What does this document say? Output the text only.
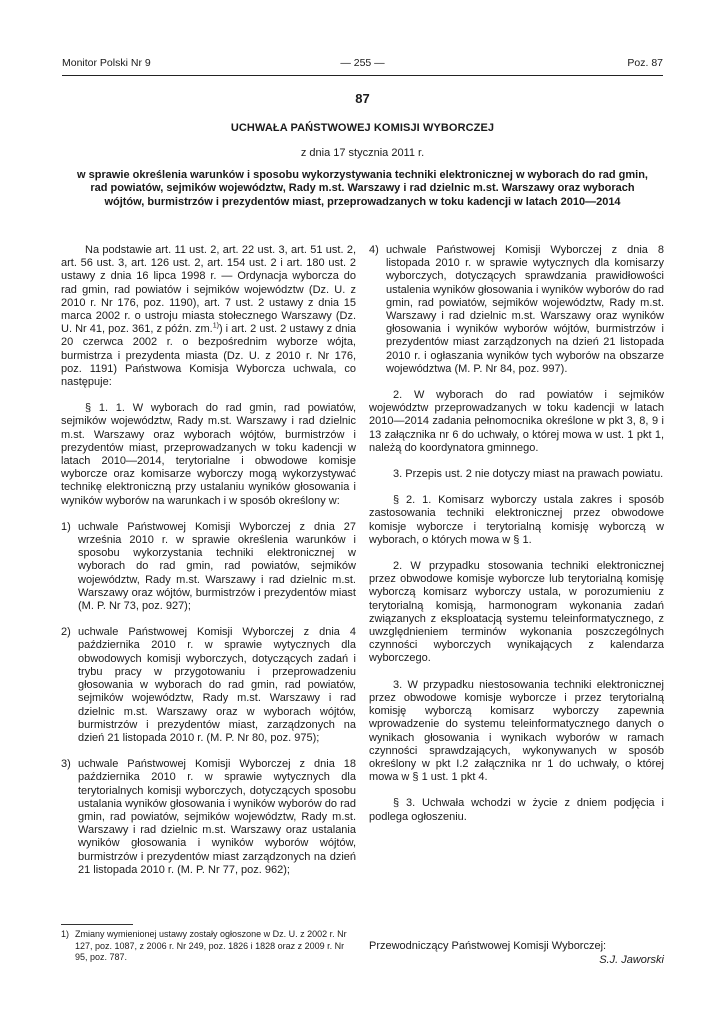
Monitor Polski Nr 9	— 255 —	Poz. 87
87
UCHWAŁA PAŃSTWOWEJ KOMISJI WYBORCZEJ
z dnia 17 stycznia 2011 r.
w sprawie określenia warunków i sposobu wykorzystywania techniki elektronicznej w wyborach do rad gmin, rad powiatów, sejmików województw, Rady m.st. Warszawy i rad dzielnic m.st. Warszawy oraz wyborach wójtów, burmistrzów i prezydentów miast, przeprowadzanych w toku kadencji w latach 2010—2014

Na podstawie art. 11 ust. 2, art. 22 ust. 3, art. 51 ust. 2, art. 56 ust. 3, art. 126 ust. 2, art. 154 ust. 2 i art. 180 ust. 2 ustawy z dnia 16 lipca 1998 r. — Ordynacja wyborcza do rad gmin, rad powiatów i sejmików województw (Dz. U. z 2010 r. Nr 176, poz. 1190), art. 7 ust. 2 ustawy z dnia 15 marca 2002 r. o ustroju miasta stołecznego Warszawy (Dz. U. Nr 41, poz. 361, z późn. zm.$^{1)}$) i art. 2 ust. 2 ustawy z dnia 20 czerwca 2002 r. o bezpośrednim wyborze wójta, burmistrza i prezydenta miasta (Dz. U. z 2010 r. Nr 176, poz. 1191) Państwowa Komisja Wyborcza uchwala, co następuje:

§ 1. 1. W wyborach do rad gmin, rad powiatów, sejmików województw, Rady m.st. Warszawy i rad dzielnic m.st. Warszawy oraz wyborach wójtów, burmistrzów i prezydentów miast, przeprowadzanych w toku kadencji w latach 2010—2014, terytorialne i obwodowe komisje wyborcze oraz komisarze wyborczy mogą wykorzystywać technikę elektroniczną przy ustalaniu wyników głosowania i wyników wyborów na warunkach i w sposób określony w:

1) uchwale Państwowej Komisji Wyborczej z dnia 27 września 2010 r. w sprawie określenia warunków i sposobu wykorzystania techniki elektronicznej w wyborach do rad gmin, rad powiatów, sejmików województw, Rady m.st. Warszawy i rad dzielnic m.st. Warszawy oraz wójtów, burmistrzów i prezydentów miast (M. P. Nr 73, poz. 927);
2) uchwale Państwowej Komisji Wyborczej z dnia 4 października 2010 r. w sprawie wytycznych dla obwodowych komisji wyborczych, dotyczących zadań i trybu pracy w przygotowaniu i przeprowadzeniu głosowania w wyborach do rad gmin, rad powiatów, sejmików województw, Rady m.st. Warszawy i rad dzielnic m.st. Warszawy oraz w wyborach wójtów, burmistrzów i prezydentów miast, zarządzonych na dzień 21 listopada 2010 r. (M. P. Nr 80, poz. 975);
3) uchwale Państwowej Komisji Wyborczej z dnia 18 października 2010 r. w sprawie wytycznych dla terytorialnych komisji wyborczych, dotyczących sposobu ustalania wyników głosowania i wyników wyborów do rad gmin, rad powiatów, sejmików województw, Rady m.st. Warszawy i rad dzielnic m.st. Warszawy oraz ustalania wyników głosowania i wyników wyborów wójtów, burmistrzów i prezydentów miast zarządzonych na dzień 21 listopada 2010 r. (M. P. Nr 77, poz. 962);
4) uchwale Państwowej Komisji Wyborczej z dnia 8 listopada 2010 r. w sprawie wytycznych dla komisarzy wyborczych, dotyczących sprawdzania prawidłowości ustalenia wyników głosowania i wyników wyborów do rad gmin, rad powiatów, sejmików województw, Rady m.st. Warszawy i rad dzielnic m.st. Warszawy oraz wyników głosowania i wyników wyborów wójtów, burmistrzów i prezydentów miast zarządzonych na dzień 21 listopada 2010 r. i ogłaszania wyników tych wyborów na obszarze województwa (M. P. Nr 84, poz. 997).

2. W wyborach do rad powiatów i sejmików województw przeprowadzanych w toku kadencji w latach 2010—2014 zadania pełnomocnika określone w pkt 3, 8, 9 i 13 załącznika nr 6 do uchwały, o której mowa w ust. 1 pkt 1, należą do koordynatora gminnego.

3. Przepis ust. 2 nie dotyczy miast na prawach powiatu.

§ 2. 1. Komisarz wyborczy ustala zakres i sposób zastosowania techniki elektronicznej przez obwodowe komisje wyborcze i terytorialną komisję wyborczą w wyborach, o których mowa w § 1.

2. W przypadku stosowania techniki elektronicznej przez obwodowe komisje wyborcze lub terytorialną komisję wyborczą komisarz wyborczy ustala, w porozumieniu z terytorialną komisją, harmonogram wykonania zadań związanych z eksploatacją systemu teleinformatycznego, z uwzględnieniem terminów wykonania poszczególnych czynności wyborczych wynikających z kalendarza wyborczego.

3. W przypadku niestosowania techniki elektronicznej przez obwodowe komisje wyborcze i przez terytorialną komisję wyborczą komisarz wyborczy zapewnia wprowadzenie do systemu teleinformatycznego danych o wynikach głosowania i wynikach wyborów w ramach czynności sprawdzających, wykonywanych w sposób określony w pkt I.2 załącznika nr 1 do uchwały, o której mowa w § 1 ust. 1 pkt 4.

§ 3. Uchwała wchodzi w życie z dniem podjęcia i podlega ogłoszeniu.

1) Zmiany wymienionej ustawy zostały ogłoszone w Dz. U. z 2002 r. Nr 127, poz. 1087, z 2006 r. Nr 249, poz. 1826 i 1828 oraz z 2009 r. Nr 95, poz. 787.
Przewodniczący Państwowej Komisji Wyborczej:
S.J. Jaworski
